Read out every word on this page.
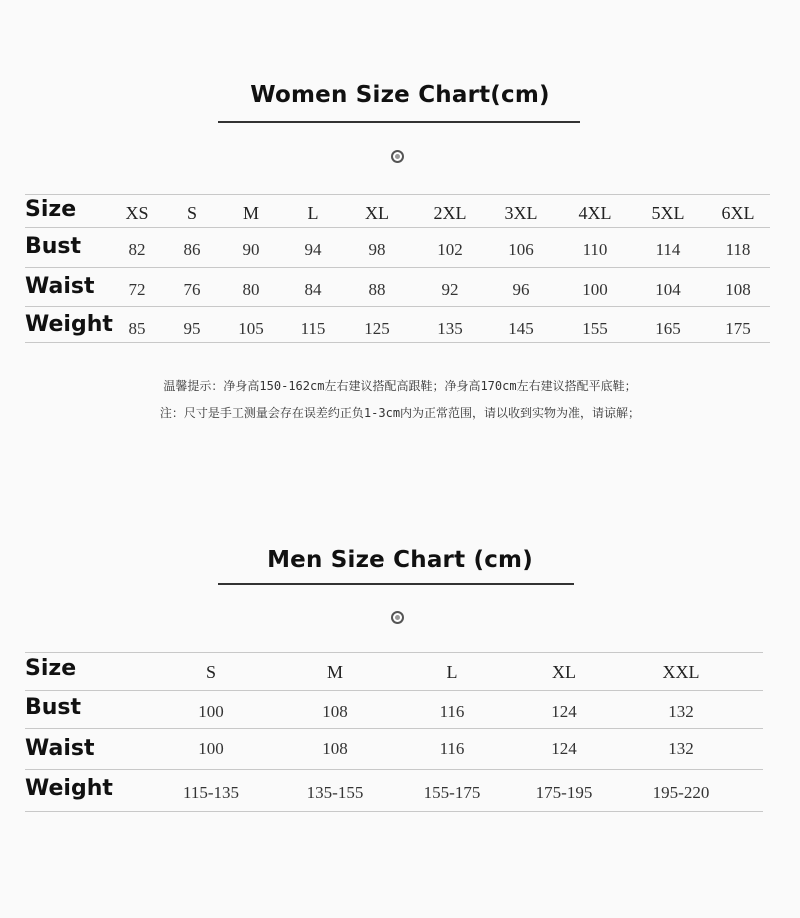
Women Size Chart(cm)
Size	XS	S	M	L	XL	2XL	3XL	4XL	5XL	6XL
Bust	82	86	90	94	98	102	106	110	114	118
Waist	72	76	80	84	88	92	96	100	104	108
Weight 85	95	105	115	125	135	145	155	165	175
温馨提示：净身高150-162cm左右建议搭配高跟鞋；净身高170cm左右建议搭配平底鞋；
注：尺寸是手工测量会存在误差约正负1-3cm内为正常范围，请以收到实物为准，请谅解；
Men Size Chart (cm)
Size	S	M	L	XL	XXL
Bust	100	108	116	124	132
Waist	100	108	116	124	132
Weight	115-135	135-155	155-175	175-195	195-220
